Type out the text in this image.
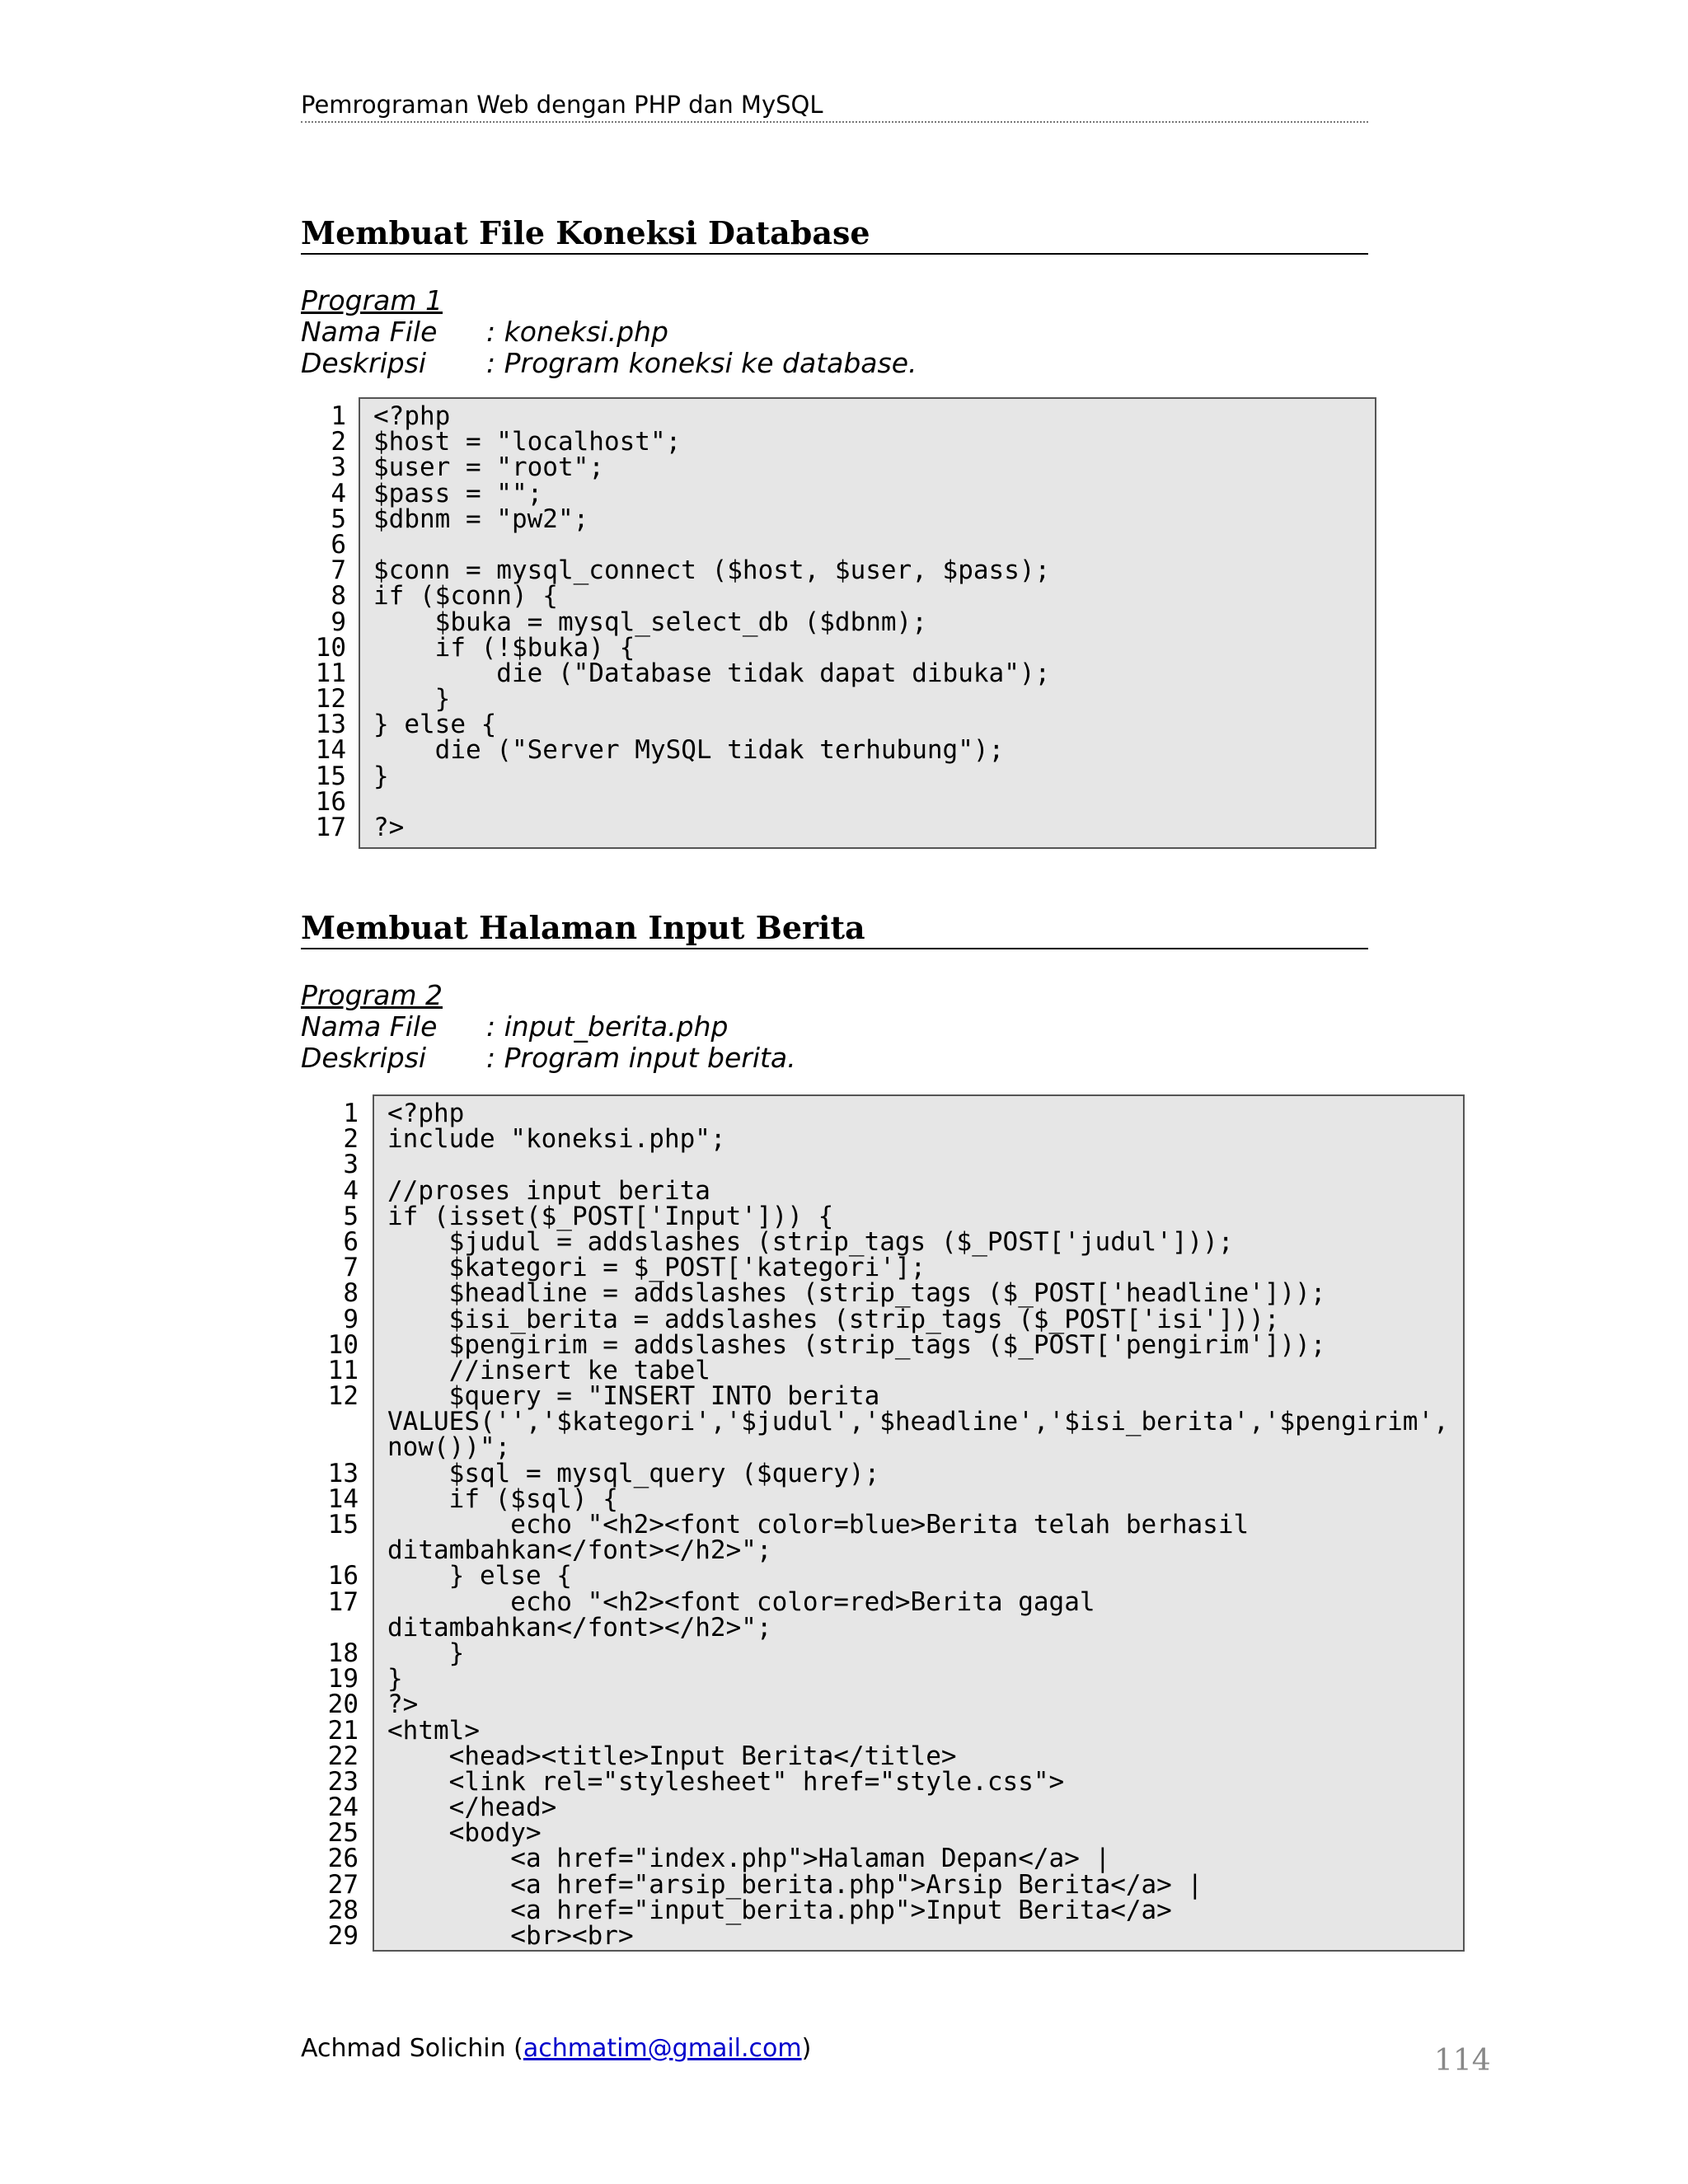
Pemrograman Web dengan PHP dan MySQL
Membuat File Koneksi Database
Program 1
Nama File : koneksi.php
Deskripsi : Program koneksi ke database.
1
2
3
4
5
6
7
8
9
10
11
12
13
14
15
16
17
<?php
$host = "localhost";
$user = "root";
$pass = "";
$dbnm = "pw2";
$conn = mysql_connect ($host, $user, $pass);
if ($conn) {
$buka = mysql_select_db ($dbnm);
if (!$buka) {
die ("Database tidak dapat dibuka");
}
} else {
die ("Server MySQL tidak terhubung");
}
?>
Membuat Halaman Input Berita
Program 2
Nama File : input_berita.php
Deskripsi : Program input berita.
1
2
3
4
5
6
7
8
9
10
11
12
13
14
15
16
17
18
19
20
21
22
23
24
25
26
27
28
29
<?php
include "koneksi.php";
//proses input berita
if (isset($_POST['Input'])) {
$judul = addslashes (strip_tags ($_POST['judul']));
$kategori = $_POST['kategori'];
$headline = addslashes (strip_tags ($_POST['headline']));
$isi_berita = addslashes (strip_tags ($_POST['isi']));
$pengirim = addslashes (strip_tags ($_POST['pengirim']));
//insert ke tabel
$query = "INSERT INTO berita
VALUES('','$kategori','$judul','$headline','$isi_berita','$pengirim',
now())";
$sql = mysql_query ($query);
if ($sql) {
echo "<h2><font color=blue>Berita telah berhasil
ditambahkan</font></h2>";
} else {
echo "<h2><font color=red>Berita gagal
ditambahkan</font></h2>";
}
}
?>
<html>
<head><title>Input Berita</title>
<link rel="stylesheet" href="style.css">
</head>
<body>
<a href="index.php">Halaman Depan</a> |
<a href="arsip_berita.php">Arsip Berita</a> |
<a href="input_berita.php">Input Berita</a>
<br><br>
Achmad Solichin (achmatim@gmail.com)	114
